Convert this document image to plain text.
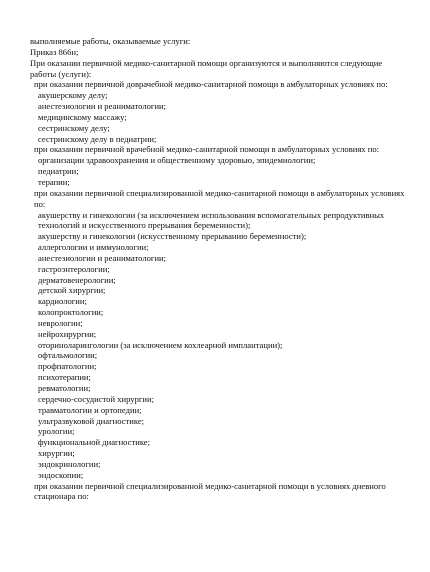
выполняемые работы, оказываемые услуги:
Приказ 866н;
При оказании первичной медико-санитарной помощи организуются и выполняются следующие работы (услуги):
при оказании первичной доврачебной медико-санитарной помощи в амбулаторных условиях по:
акушерскому делу;
анестезиологии и реаниматологии;
медицинскому массажу;
сестринскому делу;
сестринскому делу в педиатрии;
при оказании первичной врачебной медико-санитарной помощи в амбулаторных условиях по:
организации здравоохранения и общественному здоровью, эпидемиологии;
педиатрии;
терапии;
при оказании первичной специализированной медико-санитарной помощи в амбулаторных условиях по:
акушерству и гинекологии (за исключением использования вспомогательных репродуктивных технологий и искусственного прерывания беременности);
акушерству и гинекологии (искусственному прерыванию беременности);
аллергологии и иммунологии;
анестезиологии и реаниматологии;
гастроэнтерологии;
дерматовенерологии;
детской хирургии;
кардиологии;
колопроктологии;
неврологии;
нейрохирургии;
оториноларингологии (за исключением кохлеарной имплантации);
офтальмологии;
профпатологии;
психотерапии;
ревматологии;
сердечно-сосудистой хирургии;
травматологии и ортопедии;
ультразвуковой диагностике;
урологии;
функциональной диагностике;
хирургии;
эндокринологии;
эндоскопии;
при оказании первичной специализированной медико-санитарной помощи в условиях дневного стационара по:
